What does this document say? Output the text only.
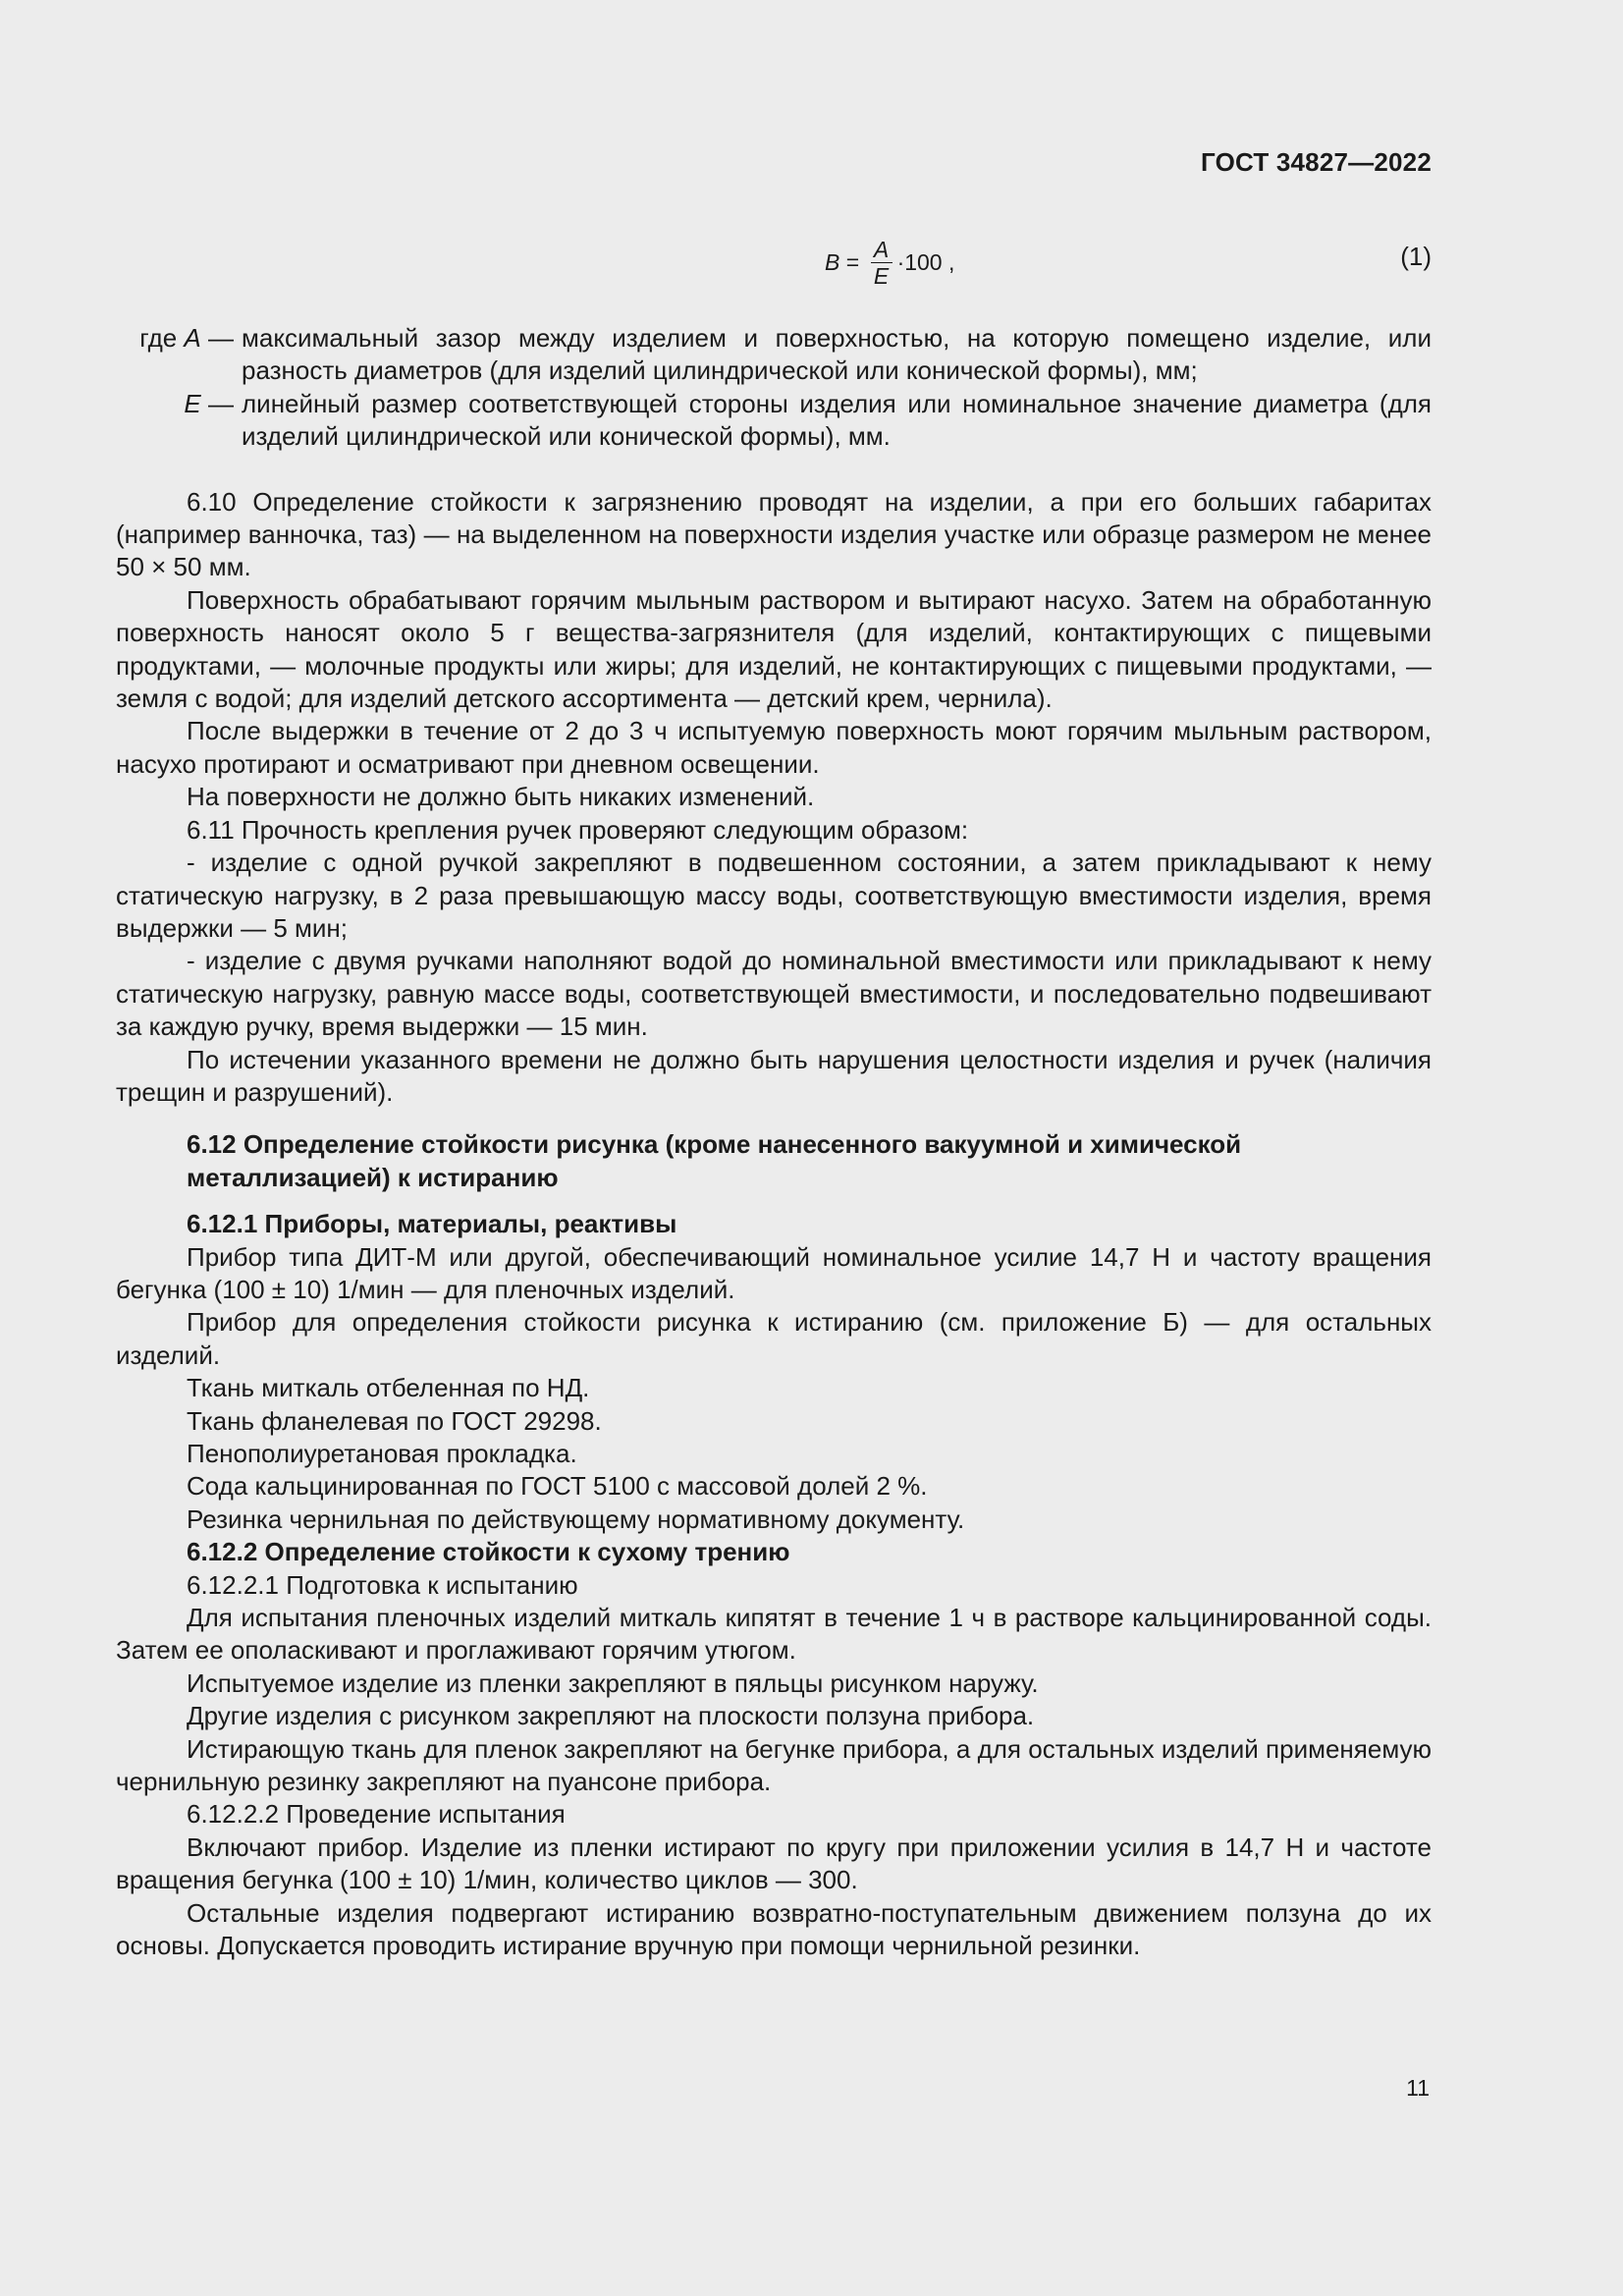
ГОСТ 34827—2022
$B = \frac{A}{E} \cdot 100$ ,	(1)
где A — максимальный зазор между изделием и поверхностью, на которую помещено изделие, или разность диаметров (для изделий цилиндрической или конической формы), мм;
E — линейный размер соответствующей стороны изделия или номинальное значение диаметра (для изделий цилиндрической или конической формы), мм.

6.10 Определение стойкости к загрязнению проводят на изделии, а при его больших габаритах (например ванночка, таз) — на выделенном на поверхности изделия участке или образце размером не менее 50 × 50 мм.

Поверхность обрабатывают горячим мыльным раствором и вытирают насухо. Затем на обработанную поверхность наносят около 5 г вещества-загрязнителя (для изделий, контактирующих с пищевыми продуктами, — молочные продукты или жиры; для изделий, не контактирующих с пищевыми продуктами, — земля с водой; для изделий детского ассортимента — детский крем, чернила).

После выдержки в течение от 2 до 3 ч испытуемую поверхность моют горячим мыльным раствором, насухо протирают и осматривают при дневном освещении.

На поверхности не должно быть никаких изменений.

6.11 Прочность крепления ручек проверяют следующим образом:

- изделие с одной ручкой закрепляют в подвешенном состоянии, а затем прикладывают к нему статическую нагрузку, в 2 раза превышающую массу воды, соответствующую вместимости изделия, время выдержки — 5 мин;

- изделие с двумя ручками наполняют водой до номинальной вместимости или прикладывают к нему статическую нагрузку, равную массе воды, соответствующей вместимости, и последовательно подвешивают за каждую ручку, время выдержки — 15 мин.

По истечении указанного времени не должно быть нарушения целостности изделия и ручек (наличия трещин и разрушений).

6.12 Определение стойкости рисунка (кроме нанесенного вакуумной и химической металлизацией) к истиранию

6.12.1 Приборы, материалы, реактивы

Прибор типа ДИТ-М или другой, обеспечивающий номинальное усилие 14,7 Н и частоту вращения бегунка (100 ± 10) 1/мин — для пленочных изделий.

Прибор для определения стойкости рисунка к истиранию (см. приложение Б) — для остальных изделий.

Ткань миткаль отбеленная по НД.

Ткань фланелевая по ГОСТ 29298.

Пенополиуретановая прокладка.

Сода кальцинированная по ГОСТ 5100 с массовой долей 2 %.

Резинка чернильная по действующему нормативному документу.

6.12.2 Определение стойкости к сухому трению

6.12.2.1 Подготовка к испытанию

Для испытания пленочных изделий миткаль кипятят в течение 1 ч в растворе кальцинированной соды. Затем ее ополаскивают и проглаживают горячим утюгом.

Испытуемое изделие из пленки закрепляют в пяльцы рисунком наружу.

Другие изделия с рисунком закрепляют на плоскости ползуна прибора.

Истирающую ткань для пленок закрепляют на бегунке прибора, а для остальных изделий применяемую чернильную резинку закрепляют на пуансоне прибора.

6.12.2.2 Проведение испытания

Включают прибор. Изделие из пленки истирают по кругу при приложении усилия в 14,7 Н и частоте вращения бегунка (100 ± 10) 1/мин, количество циклов — 300.

Остальные изделия подвергают истиранию возвратно-поступательным движением ползуна до их основы. Допускается проводить истирание вручную при помощи чернильной резинки.

11
